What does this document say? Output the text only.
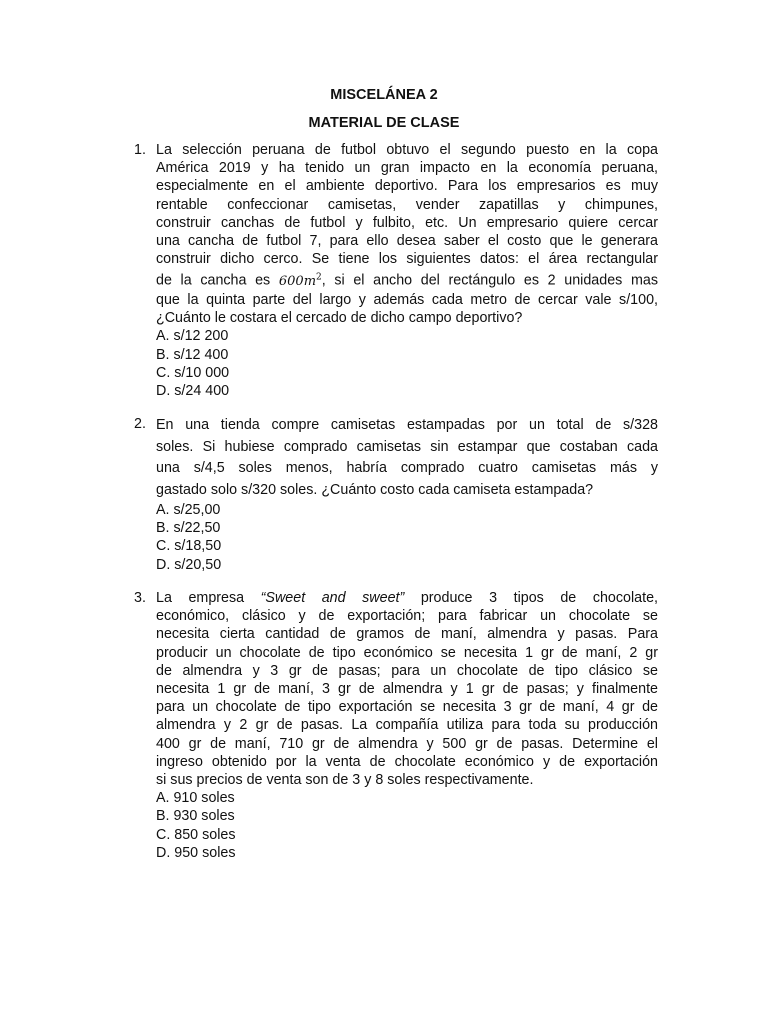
MISCELÁNEA 2
MATERIAL DE CLASE
1. La selección peruana de futbol obtuvo el segundo puesto en la copa
América 2019 y ha tenido un gran impacto en la economía peruana,
especialmente en el ambiente deportivo. Para los empresarios es muy
rentable confeccionar camisetas, vender zapatillas y chimpunes,
construir canchas de futbol y fulbito, etc. Un empresario quiere cercar
una cancha de futbol 7, para ello desea saber el costo que le generara
construir dicho cerco. Se tiene los siguientes datos: el área rectangular
de la cancha es $600m^2$, si el ancho del rectángulo es 2 unidades mas
que la quinta parte del largo y además cada metro de cercar vale s/100,
¿Cuánto le costara el cercado de dicho campo deportivo?

A. s/12 200
B. s/12 400
C. s/10 000
D. s/24 400
2. En una tienda compre camisetas estampadas por un total de s/328
soles. Si hubiese comprado camisetas sin estampar que costaban cada
una s/4,5 soles menos, habría comprado cuatro camisetas más y
gastado solo s/320 soles. ¿Cuánto costo cada camiseta estampada?

A. s/25,00
B. s/22,50
C. s/18,50
D. s/20,50
3. La empresa “Sweet and sweet” produce 3 tipos de chocolate,
económico, clásico y de exportación; para fabricar un chocolate se
necesita cierta cantidad de gramos de maní, almendra y pasas. Para
producir un chocolate de tipo económico se necesita 1 gr de maní, 2 gr
de almendra y 3 gr de pasas; para un chocolate de tipo clásico se
necesita 1 gr de maní, 3 gr de almendra y 1 gr de pasas; y finalmente
para un chocolate de tipo exportación se necesita 3 gr de maní, 4 gr de
almendra y 2 gr de pasas. La compañía utiliza para toda su producción
400 gr de maní, 710 gr de almendra y 500 gr de pasas. Determine el
ingreso obtenido por la venta de chocolate económico y de exportación
si sus precios de venta son de 3 y 8 soles respectivamente.

A. 910 soles
B. 930 soles
C. 850 soles
D. 950 soles
